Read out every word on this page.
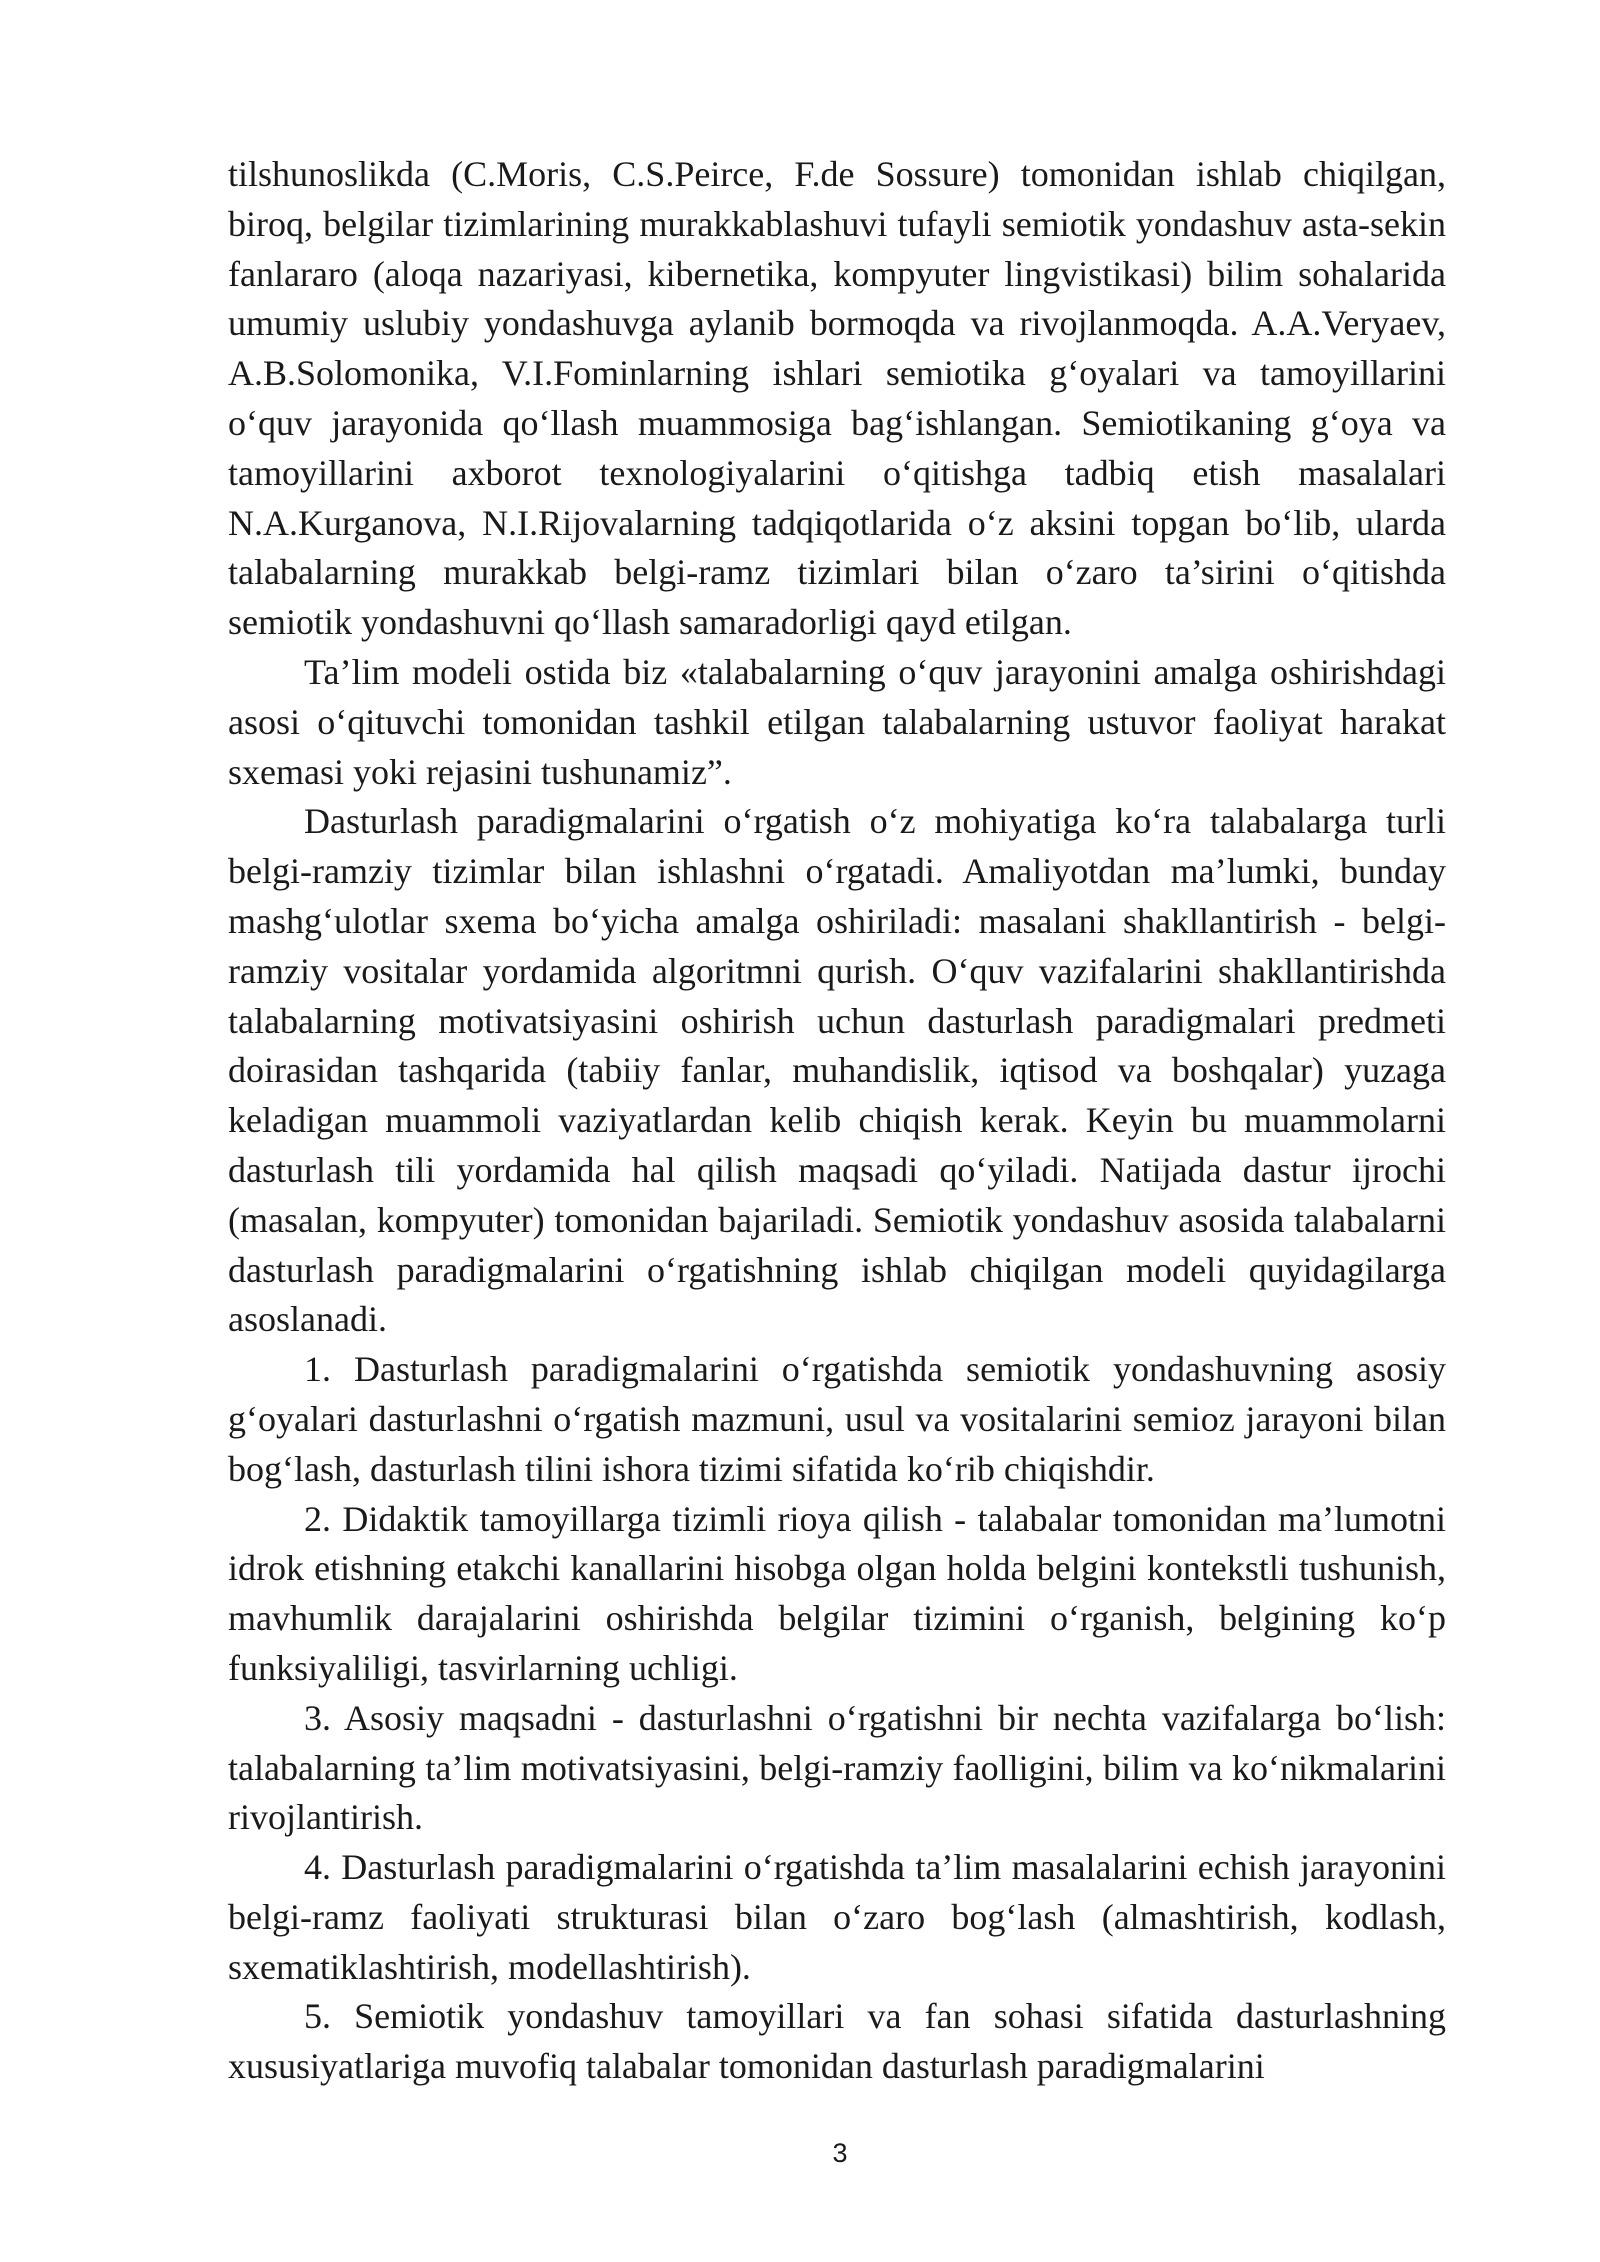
tilshunoslikda (C.Moris, C.S.Peirce, F.de Sossure) tomonidan ishlab chiqilgan, biroq, belgilar tizimlarining murakkablashuvi tufayli semiotik yondashuv asta-sekin fanlararo (aloqa nazariyasi, kibernetika, kompyuter lingvistikasi) bilim sohalarida umumiy uslubiy yondashuvga aylanib bormoqda va rivojlanmoqda. A.A.Veryaev, A.B.Solomonika, V.I.Fominlarning ishlari semiotika g‘oyalari va tamoyillarini o‘quv jarayonida qo‘llash muammosiga bag‘ishlangan. Semiotikaning g‘oya va tamoyillarini axborot texnologiyalarini o‘qitishga tadbiq etish masalalari N.A.Kurganova, N.I.Rijovalarning tadqiqotlarida o‘z aksini topgan bo‘lib, ularda talabalarning murakkab belgi-ramz tizimlari bilan o‘zaro ta’sirini o‘qitishda semiotik yondashuvni qo‘llash samaradorligi qayd etilgan.

Ta’lim modeli ostida biz «talabalarning o‘quv jarayonini amalga oshirishdagi asosi o‘qituvchi tomonidan tashkil etilgan talabalarning ustuvor faoliyat harakat sxemasi yoki rejasini tushunamiz”.

Dasturlash paradigmalarini o‘rgatish o‘z mohiyatiga ko‘ra talabalarga turli belgi-ramziy tizimlar bilan ishlashni o‘rgatadi. Amaliyotdan ma’lumki, bunday mashg‘ulotlar sxema bo‘yicha amalga oshiriladi: masalani shakllantirish - belgi-ramziy vositalar yordamida algoritmni qurish. O‘quv vazifalarini shakllantirishda talabalarning motivatsiyasini oshirish uchun dasturlash paradigmalari predmeti doirasidan tashqarida (tabiiy fanlar, muhandislik, iqtisod va boshqalar) yuzaga keladigan muammoli vaziyatlardan kelib chiqish kerak. Keyin bu muammolarni dasturlash tili yordamida hal qilish maqsadi qo‘yiladi. Natijada dastur ijrochi (masalan, kompyuter) tomonidan bajariladi. Semiotik yondashuv asosida talabalarni dasturlash paradigmalarini o‘rgatishning ishlab chiqilgan modeli quyidagilarga asoslanadi.

1. Dasturlash paradigmalarini o‘rgatishda semiotik yondashuvning asosiy g‘oyalari dasturlashni o‘rgatish mazmuni, usul va vositalarini semioz jarayoni bilan bog‘lash, dasturlash tilini ishora tizimi sifatida ko‘rib chiqishdir.

2. Didaktik tamoyillarga tizimli rioya qilish - talabalar tomonidan ma’lumotni idrok etishning etakchi kanallarini hisobga olgan holda belgini kontekstli tushunish, mavhumlik darajalarini oshirishda belgilar tizimini o‘rganish, belgining ko‘p funksiyaliligi, tasvirlarning uchligi.

3. Asosiy maqsadni - dasturlashni o‘rgatishni bir nechta vazifalarga bo‘lish: talabalarning ta’lim motivatsiyasini, belgi-ramziy faolligini, bilim va ko‘nikmalarini rivojlantirish.

4. Dasturlash paradigmalarini o‘rgatishda ta’lim masalalarini echish jarayonini belgi-ramz faoliyati strukturasi bilan o‘zaro bog‘lash (almashtirish, kodlash, sxematiklashtirish, modellashtirish).

5. Semiotik yondashuv tamoyillari va fan sohasi sifatida dasturlashning xususiyatlariga muvofiq talabalar tomonidan dasturlash paradigmalarini

3
